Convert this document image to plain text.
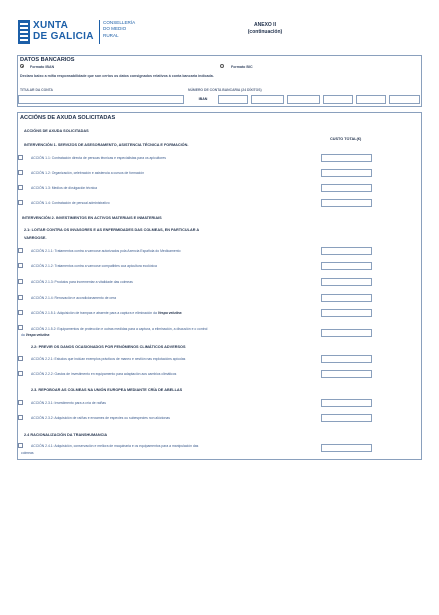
XUNTA
DE GALICIA
CONSELLERÍA
DO MEDIO
RURAL
ANEXO II
(continuación)
DATOS BANCARIOS
Formato IBAN	Formato BIC
Declaro baixo a miña responsabilidade que son certos os datos consignados relativos á conta bancaria indicada.
TITULAR DA CONTA	NÚMERO DE CONTA BANCARIA (24 DÍXITOS)
IBAN
ACCIÓNS DE AXUDA SOLICITADAS
ACCIÓNS DE AXUDA SOLICITADAS
CUSTO TOTAL(€)
INTERVENCIÓN 1. SERVIZOS DE ASESORAMENTO, ASISTENCIA TÉCNICA E FORMACIÓN.
ACCIÓN 1.1: Contratación directa de persoas técnicas e especialistas para os apicultores
ACCIÓN 1.2: Organización, celebración e asistencia a cursos de formación
ACCIÓN 1.3: Medios de divulgación técnica
ACCIÓN 1.4: Contratación de persoal administrativo
INTERVENCIÓN 2. INVESTIMENTOS EN ACTIVOS MATERIAIS E INMATERIAIS
2.1: LOITAR CONTRA OS INVASORES E AS ENFERMIDADES DAS COLMEAS, EN PARTICULAR A
VARROOSE.
ACCIÓN 2.1.1: Tratamentos contra a varroose autorizados pola Axencia Española do Medicamento
ACCIÓN 2.1.2: Tratamentos contra a varroose compatibles coa apicultura ecolóxica
ACCIÓN 2.1.3: Produtos para incrementar a vitalidade das colmeas
ACCIÓN 2.1.4: Renovación e acondicionamento de cera
ACCIÓN 2.1.5.1: Adquisición de trampas e atraente para a captura e eliminación da Vespa velutina
ACCIÓN 2.1.5.2: Equipamentos de protección e outras medidas para a captura, a eliminación, a discusión e o control
da Vespa velutina
2.2: PREVIR OS DANOS OCASIONADOS POR FENÓMENOS CLIMÁTICOS ADVERSOS
ACCIÓN 2.2.1: Estudos que inclúan exemplos prácticos de maneo e xestión nas explotacións apícolas
ACCIÓN 2.2.2: Gastos de investimento en equipamento para adaptación aos cambios climáticos
2.3. REPOBOAR AS COLMEAS NA UNIÓN EUROPEA MEDIANTE CRÍA DE ABELLAS
ACCIÓN 2.3.1: Investimento para a cría de raíñas
ACCIÓN 2.3.2: Adquisición de raíñas e enxames de especies ou subespecies non alóctonas
2.4 RACIONALIZACIÓN DA TRANSHUMANCIA
ACCIÓN 2.4.1: Adquisición, conservación e mellora de maquinaria e os equipamentos para a manipulación das
colmeas
